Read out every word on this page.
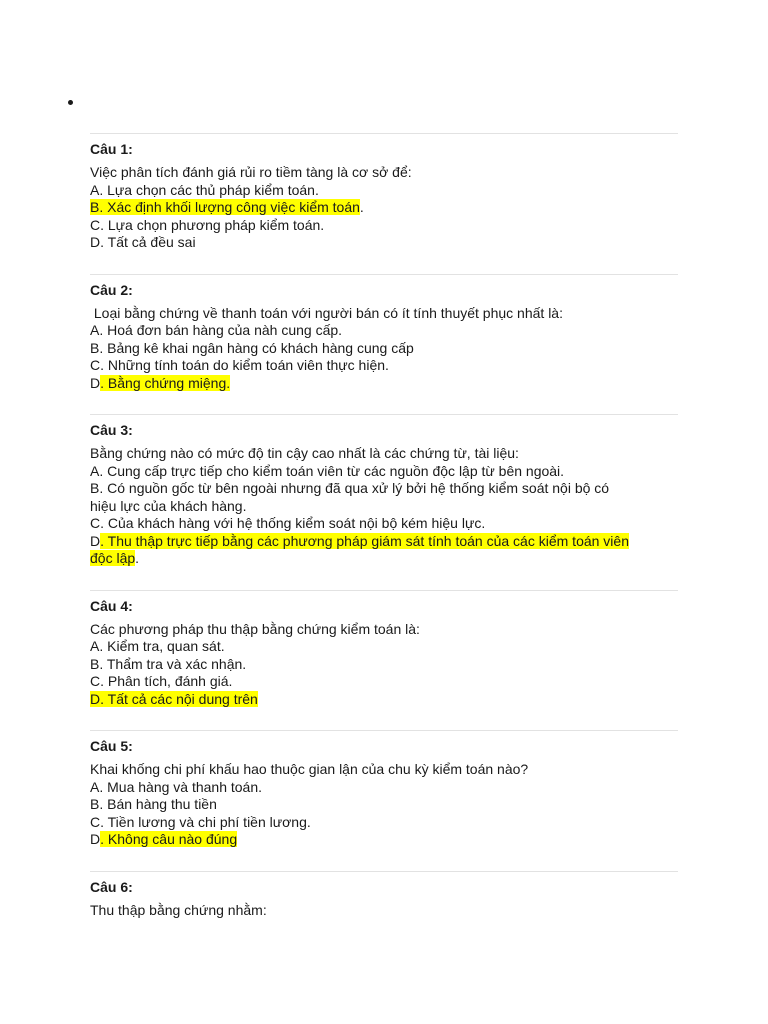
Câu 1:
Việc phân tích đánh giá rủi ro tiềm tàng là cơ sở để:
A. Lựa chọn các thủ pháp kiểm toán.
B. Xác định khối lượng công việc kiểm toán.
C. Lựa chọn phương pháp kiểm toán.
D. Tất cả đều sai
Câu 2:
Loại bằng chứng về thanh toán với người bán có ít tính thuyết phục nhất là:
A. Hoá đơn bán hàng của nàh cung cấp.
B. Bảng kê khai ngân hàng có khách hàng cung cấp
C. Những tính toán do kiểm toán viên thực hiện.
D. Bằng chứng miệng.
Câu 3:
Bằng chứng nào có mức độ tin cậy cao nhất là các chứng từ, tài liệu:
A. Cung cấp trực tiếp cho kiểm toán viên từ các nguồn độc lập từ bên ngoài.
B. Có nguồn gốc từ bên ngoài nhưng đã qua xử lý bởi hệ thống kiểm soát nội bộ có
hiệu lực của khách hàng.
C. Của khách hàng với hệ thống kiểm soát nội bộ kém hiệu lực.
D. Thu thập trực tiếp bằng các phương pháp giám sát tính toán của các kiểm toán viên
độc lập.
Câu 4:
Các phương pháp thu thập bằng chứng kiểm toán là:
A. Kiểm tra, quan sát.
B. Thẩm tra và xác nhận.
C. Phân tích, đánh giá.
D. Tất cả các nội dung trên
Câu 5:
Khai khống chi phí khấu hao thuộc gian lận của chu kỳ kiểm toán nào?
A. Mua hàng và thanh toán.
B. Bán hàng thu tiền
C. Tiền lương và chi phí tiền lương.
D. Không câu nào đúng
Câu 6:
Thu thập bằng chứng nhằm:
